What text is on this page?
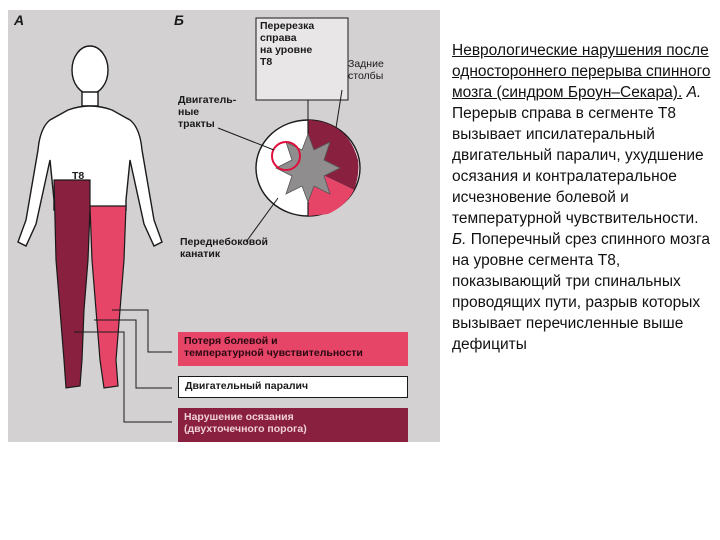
А	Б
Т8
Перерезка
справа
на уровне
Т8	Задние
столбы
Двигатель-
ные
тракты
Переднебоковой
канатик
Потеря болевой и
температурной чувствительности
Двигательный паралич
Нарушение осязания
(двухточечного порога)
Неврологические нарушения после одностороннего перерыва спинного мозга (синдром Броун–Секара). А. Перерыв справа в сегменте Т8 вызывает ипсилатеральный двигательный паралич, ухудшение осязания и контралатеральное исчезновение болевой и температурной чувствительности. Б. Поперечный срез спинного мозга на уровне сегмента Т8, показывающий три спинальных проводящих пути, разрыв которых вызывает перечисленные выше дефициты
